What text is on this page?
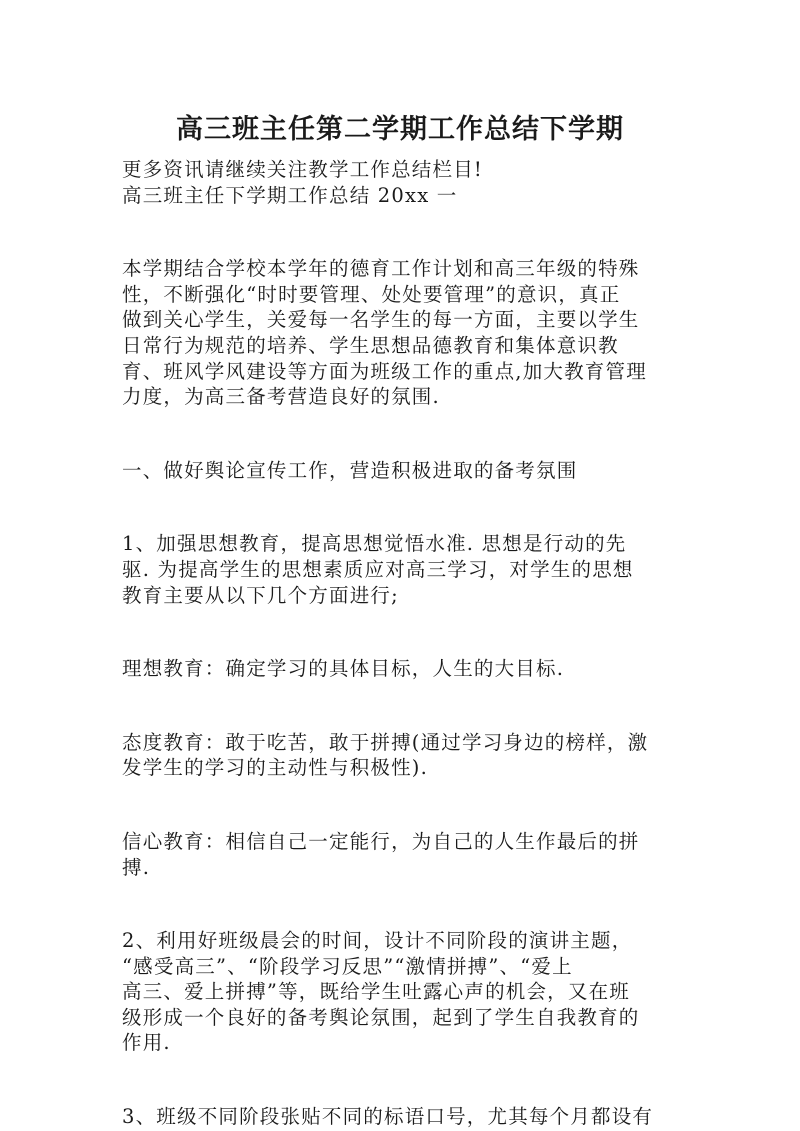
高三班主任第二学期工作总结下学期
更多资讯请继续关注教学工作总结栏目!
高三班主任下学期工作总结 20xx 一
本学期结合学校本学年的德育工作计划和高三年级的特殊
性，不断强化“时时要管理、处处要管理”的意识，真正
做到关心学生，关爱每一名学生的每一方面，主要以学生
日常行为规范的培养、学生思想品德教育和集体意识教
育、班风学风建设等方面为班级工作的重点,加大教育管理
力度，为高三备考营造良好的氛围.
一、做好舆论宣传工作，营造积极进取的备考氛围
1、加强思想教育，提高思想觉悟水准. 思想是行动的先
驱. 为提高学生的思想素质应对高三学习，对学生的思想
教育主要从以下几个方面进行;
理想教育：确定学习的具体目标，人生的大目标.
态度教育：敢于吃苦，敢于拼搏(通过学习身边的榜样，激
发学生的学习的主动性与积极性).
信心教育：相信自己一定能行，为自己的人生作最后的拼
搏.
2、利用好班级晨会的时间，设计不同阶段的演讲主题，
“感受高三”、“阶段学习反思”“激情拼搏”、“爱上
高三、爱上拼搏”等，既给学生吐露心声的机会，又在班
级形成一个良好的备考舆论氛围，起到了学生自我教育的
作用.
3、班级不同阶段张贴不同的标语口号，尤其每个月都设有
